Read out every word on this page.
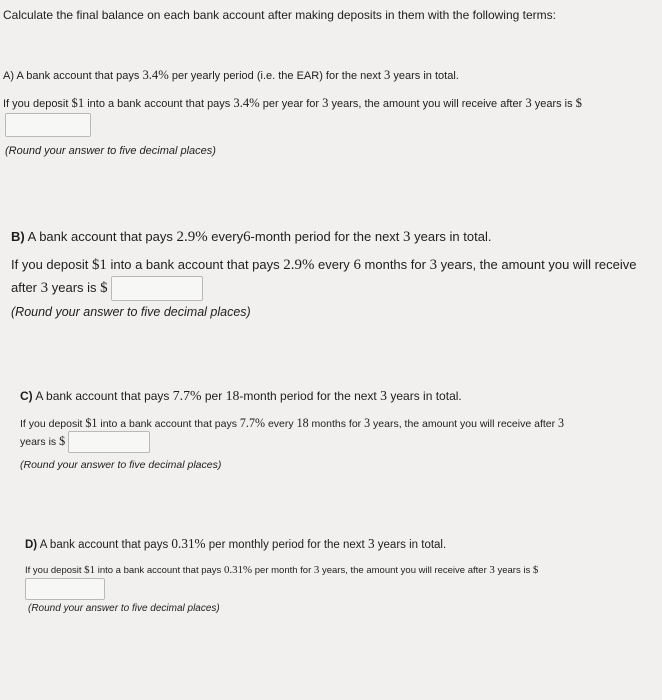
Calculate the final balance on each bank account after making deposits in them with the following terms:
A) A bank account that pays 3.4% per yearly period (i.e. the EAR) for the next 3 years in total.
If you deposit $1 into a bank account that pays 3.4% per year for 3 years, the amount you will receive after 3 years is $
(Round your answer to five decimal places)
B) A bank account that pays 2.9% every6-month period for the next 3 years in total.
If you deposit $1 into a bank account that pays 2.9% every 6 months for 3 years, the amount you will receive
after 3 years is $
(Round your answer to five decimal places)
C) A bank account that pays 7.7% per 18-month period for the next 3 years in total.
If you deposit $1 into a bank account that pays 7.7% every 18 months for 3 years, the amount you will receive after 3
years is $
(Round your answer to five decimal places)
D) A bank account that pays 0.31% per monthly period for the next 3 years in total.
If you deposit $1 into a bank account that pays 0.31% per month for 3 years, the amount you will receive after 3 years is $
(Round your answer to five decimal places)
